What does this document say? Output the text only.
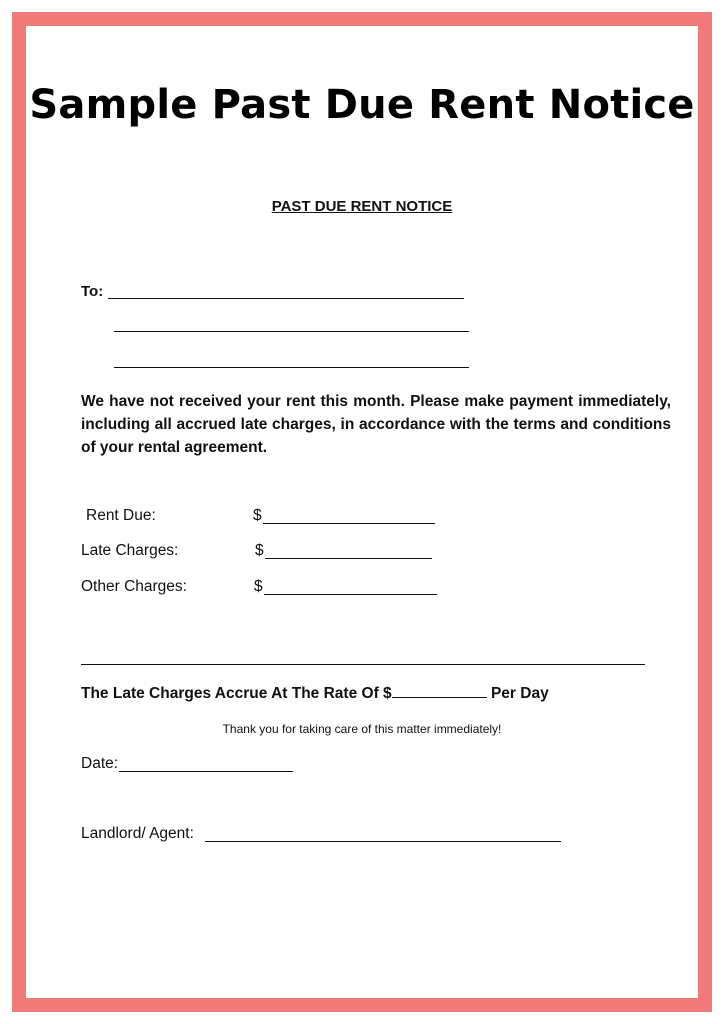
Sample Past Due Rent Notice
PAST DUE RENT NOTICE
To:
We have not received your rent this month. Please make payment immediately, including all accrued late charges, in accordance with the terms and conditions of your rental agreement.
Rent Due:	$
Late Charges:	$
Other Charges:	$
The Late Charges Accrue At The Rate Of $	Per Day
Thank you for taking care of this matter immediately!
Date:
Landlord/ Agent:
